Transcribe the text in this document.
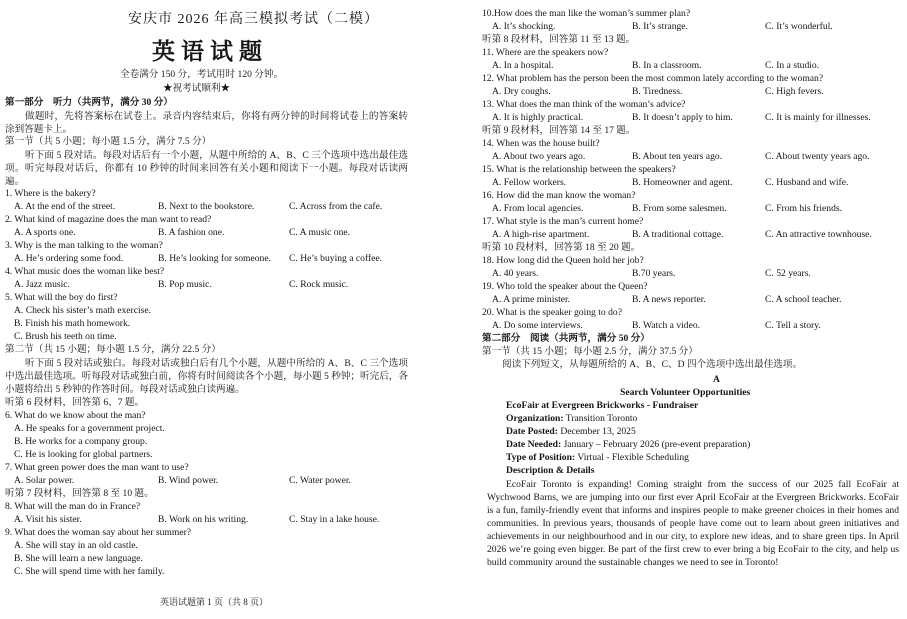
安庆市 2026 年高三模拟考试（二模）
英语试题
全卷满分 150 分，考试用时 120 分钟。
★祝考试顺利★
第一部分　听力（共两节，满分 30 分）

做题时，先将答案标在试卷上。录音内容结束后，你将有两分钟的时间将试卷上的答案转涂到答题卡上。

第一节（共 5 小题；每小题 1.5 分，满分 7.5 分）

听下面 5 段对话。每段对话后有一个小题，从题中所给的 A、B、C 三个选项中选出最佳选项。听完每段对话后，你都有 10 秒钟的时间来回答有关小题和阅读下一小题。每段对话读两遍。

1. Where is the bakery?
A. At the end of the street.	B. Next to the bookstore.	C. Across from the cafe.
2. What kind of magazine does the man want to read?
A. A sports one.	B. A fashion one.	C. A music one.
3. Why is the man talking to the woman?
A. He’s ordering some food.	B. He’s looking for someone. C. He’s buying a coffee.
4. What music does the woman like best?
A. Jazz music.	B. Pop music.	C. Rock music.
5. What will the boy do first?
A. Check his sister’s math exercise.
B. Finish his math homework.
C. Brush his teeth on time.
第二节（共 15 小题；每小题 1.5 分，满分 22.5 分）

听下面 5 段对话或独白。每段对话或独白后有几个小题，从题中所给的 A、B、C 三个选项中选出最佳选项。听每段对话或独白前，你将有时间阅读各个小题，每小题 5 秒钟；听完后，各小题将给出 5 秒钟的作答时间。每段对话或独白读两遍。

听第 6 段材料，回答第 6、7 题。
6. What do we know about the man?
A. He speaks for a government project.
B. He works for a company group.
C. He is looking for global partners.
7. What green power does the man want to use?
A. Solar power.	B. Wind power.	C. Water power.
听第 7 段材料，回答第 8 至 10 题。
8. What will the man do in France?
A. Visit his sister.	B. Work on his writing.	C. Stay in a lake house.
9. What does the woman say about her summer?
A. She will stay in an old castle.
B. She will learn a new language.
C. She will spend time with her family.
英语试题第 1 页（共 8 页）
10.How does the man like the woman’s summer plan?
A. It’s shocking.	B. It’s strange.	C. It’s wonderful.
听第 8 段材料，回答第 11 至 13 题。
11. Where are the speakers now?
A. In a hospital.	B. In a classroom.	C. In a studio.
12. What problem has the person been the most common lately according to the woman?
A. Dry coughs.	B. Tiredness.	C. High fevers.
13. What does the man think of the woman’s advice?
A. It is highly practical.	B. It doesn’t apply to him.	C. It is mainly for illnesses.
听第 9 段材料，回答第 14 至 17 题。
14. When was the house built?
A. About two years ago.	B. About ten years ago.	C. About twenty years ago.
15. What is the relationship between the speakers?
A. Fellow workers.	B. Homeowner and agent.	C. Husband and wife.
16. How did the man know the woman?
A. From local agencies.	B. From some salesmen.	C. From his friends.
17. What style is the man’s current home?
A. A high-rise apartment.	B. A traditional cottage.	C. An attractive townhouse.
听第 10 段材料，回答第 18 至 20 题。
18. How long did the Queen hold her job?
A. 40 years.	B.70 years.	C. 52 years.
19. Who told the speaker about the Queen?
A. A prime minister.	B. A news reporter.	C. A school teacher.
20. What is the speaker going to do?
A. Do some interviews.	B. Watch a video.	C. Tell a story.
第二部分　阅读（共两节，满分 50 分）
第一节（共 15 小题；每小题 2.5 分，满分 37.5 分）
阅读下列短文，从每题所给的 A、B、C、D 四个选项中选出最佳选项。
A
Search Volunteer Opportunities
EcoFair at Evergreen Brickworks - Fundraiser
Organization: Transition Toronto
Date Posted: December 13, 2025
Date Needed: January – February 2026 (pre-event preparation)
Type of Position: Virtual - Flexible Scheduling
Description & Details

EcoFair Toronto is expanding! Coming straight from the success of our 2025 fall EcoFair at Wychwood Barns, we are jumping into our first ever April EcoFair at the Evergreen Brickworks. EcoFair is a fun, family-friendly event that informs and inspires people to make greener choices in their homes and communities. In previous years, thousands of people have come out to learn about green initiatives and achievements in our neighbourhood and in our city, to explore new ideas, and to share green tips. In April 2026 we’re going even bigger. Be part of the first crew to ever bring a big EcoFair to the city, and help us build community around the sustainable changes we need to see in Toronto!
